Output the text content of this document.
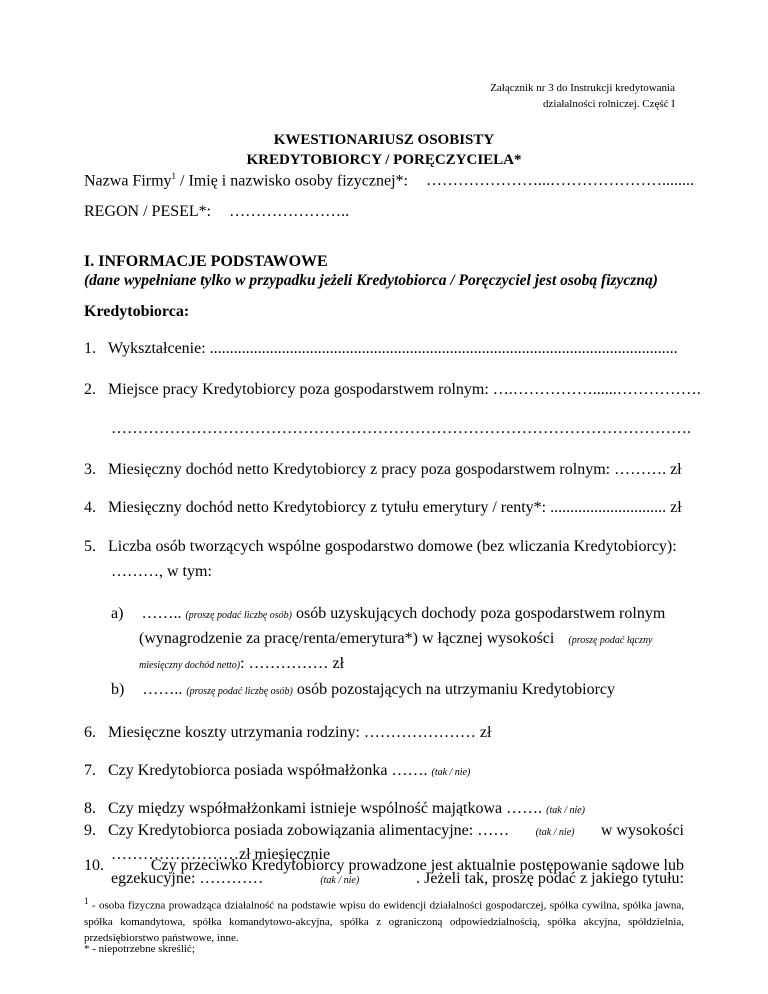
Załącznik nr 3 do Instrukcji kredytowania
działalności rolniczej. Część I
KWESTIONARIUSZ OSOBISTY
KREDYTOBIORCY / PORĘCZYCIELA*
Nazwa Firmy$^1$ / Imię i nazwisko osoby fizycznej*: …………………...…………………........
REGON / PESEL*: …………………..
I. INFORMACJE PODSTAWOWE
(dane wypełniane tylko w przypadku jeżeli Kredytobiorca / Poręczyciel jest osobą fizyczną)
Kredytobiorca:
1. Wykształcenie: .....................................................................................................................
2. Miejsce pracy Kredytobiorcy poza gospodarstwem rolnym: ….……………......…………….
……………………………………………………………………………………………….
3. Miesięczny dochód netto Kredytobiorcy z pracy poza gospodarstwem rolnym: ………. zł
4. Miesięczny dochód netto Kredytobiorcy z tytułu emerytury / renty*: ............................. zł
5. Liczba osób tworzących wspólne gospodarstwo domowe (bez wliczania Kredytobiorcy):
………, w tym:
a) …….. (proszę podać liczbę osób) osób uzyskujących dochody poza gospodarstwem rolnym
(wynagrodzenie za pracę/renta/emerytura*) w łącznej wysokości (proszę podać łączny
miesięczny dochód netto): …………… zł
b) …….. (proszę podać liczbę osób) osób pozostających na utrzymaniu Kredytobiorcy
6. Miesięczne koszty utrzymania rodziny: ………………… zł
7. Czy Kredytobiorca posiada współmałżonka ……. (tak / nie)
8. Czy między współmałżonkami istnieje wspólność majątkowa ……. (tak / nie)
9. Czy Kredytobiorca posiada zobowiązania alimentacyjne: ……	(tak / nie) w wysokości
……………………zł miesięcznie
10.	Czy przeciwko Kredytobiorcy prowadzone jest aktualnie postępowanie sądowe lub
egzekucyjne: …………	(tak / nie)	. Jeżeli tak, proszę podać z jakiego tytułu:
$^1$ - osoba fizyczna prowadząca działalność na podstawie wpisu do ewidencji działalności gospodarczej, spółka cywilna, spółka jawna, spółka komandytowa, spółka komandytowo-akcyjna, spółka z ograniczoną odpowiedzialnością, spółka akcyjna, spółdzielnia, przedsiębiorstwo państwowe, inne.
* - niepotrzebne skreślić;
